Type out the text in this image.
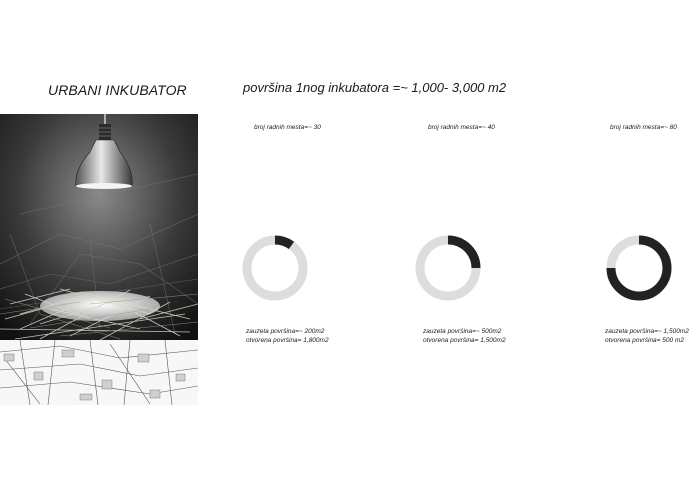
URBANI INKUBATOR	površina 1nog inkubatora =~ 1,000- 3,000 m2
broj radnih mesta=~ 30
zauzeta površina=~ 200m2
otvorena površina= 1,800m2
broj radnih mesta=~ 40
zauzeta površina=~ 500m2
otvorena površina= 1,500m2
broj radnih mesta=~ 80
zauzeta površina=~ 1,500m2
otvorena površina= 500 m2
